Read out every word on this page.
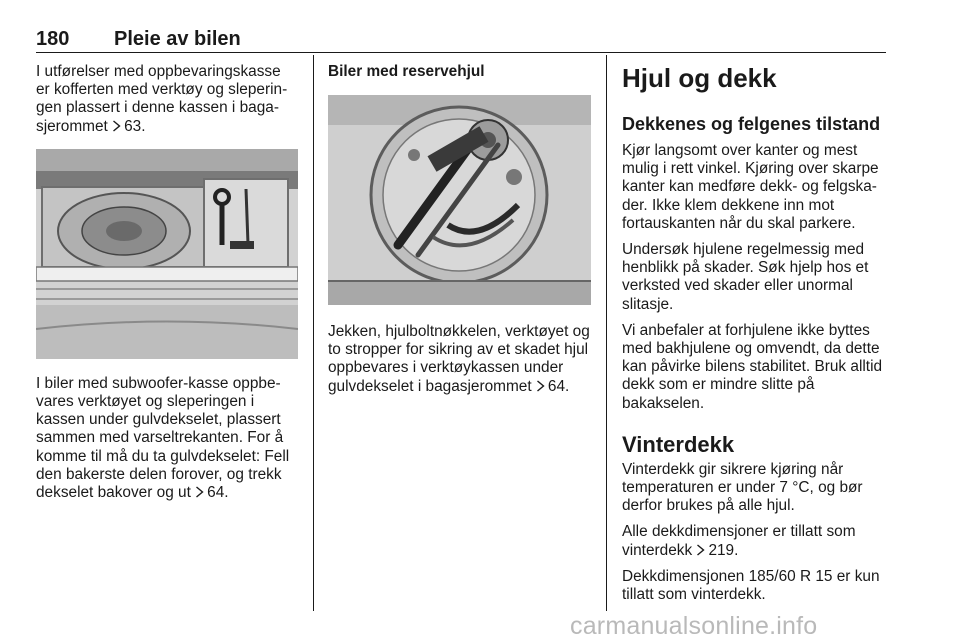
180 Pleie av bilen

I utførelser med oppbevaringskasse er kofferten med verktøy og sleperin-gen plassert i denne kassen i baga-sjerommet 63.

I biler med subwoofer-kasse oppbe-vares verktøyet og sleperingen i kassen under gulvdekselet, plassert sammen med varseltrekanten. For å komme til må du ta gulvdekselet: Fell den bakerste delen forover, og trekk dekselet bakover og ut 64.

Biler med reservehjul

Jekken, hjulboltnøkkelen, verktøyet og to stropper for sikring av et skadet hjul oppbevares i verktøykassen under gulvdekselet i bagasjerommet 64.

Hjul og dekk

Dekkenes og felgenes tilstand

Kjør langsomt over kanter og mest mulig i rett vinkel. Kjøring over skarpe kanter kan medføre dekk- og felgska-der. Ikke klem dekkene inn mot fortauskanten når du skal parkere.

Undersøk hjulene regelmessig med henblikk på skader. Søk hjelp hos et verksted ved skader eller unormal slitasje.

Vi anbefaler at forhjulene ikke byttes med bakhjulene og omvendt, da dette kan påvirke bilens stabilitet. Bruk alltid dekk som er mindre slitte på bakakselen.

Vinterdekk

Vinterdekk gir sikrere kjøring når temperaturen er under 7 °C, og bør derfor brukes på alle hjul.

Alle dekkdimensjoner er tillatt som vinterdekk 219.

Dekkdimensjonen 185/60 R 15 er kun tillatt som vinterdekk.

carmanualsonline.info
